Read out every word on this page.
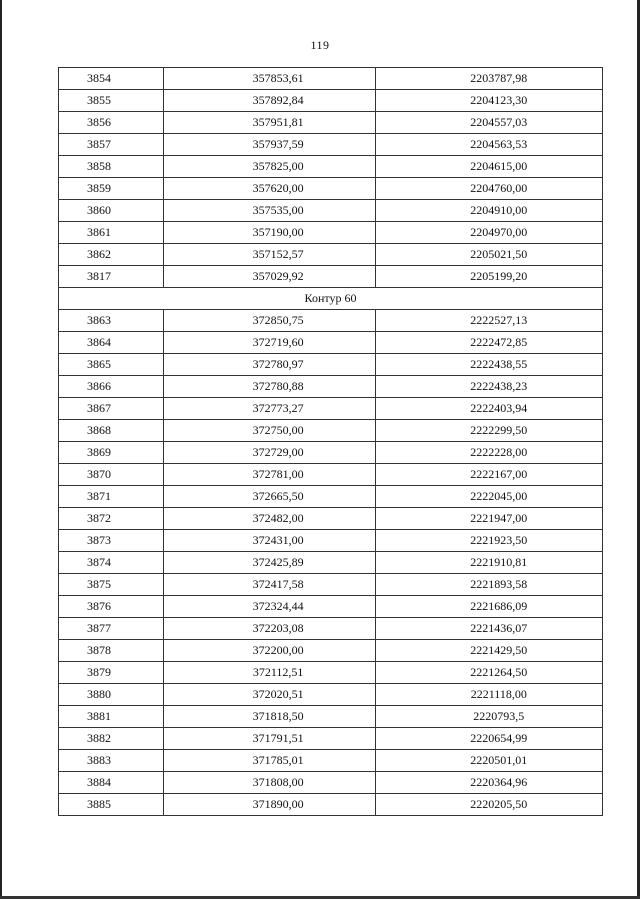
119
3854	357853,61	2203787,98
3855	357892,84	2204123,30
3856	357951,81	2204557,03
3857	357937,59	2204563,53
3858	357825,00	2204615,00
3859	357620,00	2204760,00
3860	357535,00	2204910,00
3861	357190,00	2204970,00
3862	357152,57	2205021,50
3817	357029,92	2205199,20
Контур 60		
3863	372850,75	2222527,13
3864	372719,60	2222472,85
3865	372780,97	2222438,55
3866	372780,88	2222438,23
3867	372773,27	2222403,94
3868	372750,00	2222299,50
3869	372729,00	2222228,00
3870	372781,00	2222167,00
3871	372665,50	2222045,00
3872	372482,00	2221947,00
3873	372431,00	2221923,50
3874	372425,89	2221910,81
3875	372417,58	2221893,58
3876	372324,44	2221686,09
3877	372203,08	2221436,07
3878	372200,00	2221429,50
3879	372112,51	2221264,50
3880	372020,51	2221118,00
3881	371818,50	2220793,5
3882	371791,51	2220654,99
3883	371785,01	2220501,01
3884	371808,00	2220364,96
3885	371890,00	2220205,50
